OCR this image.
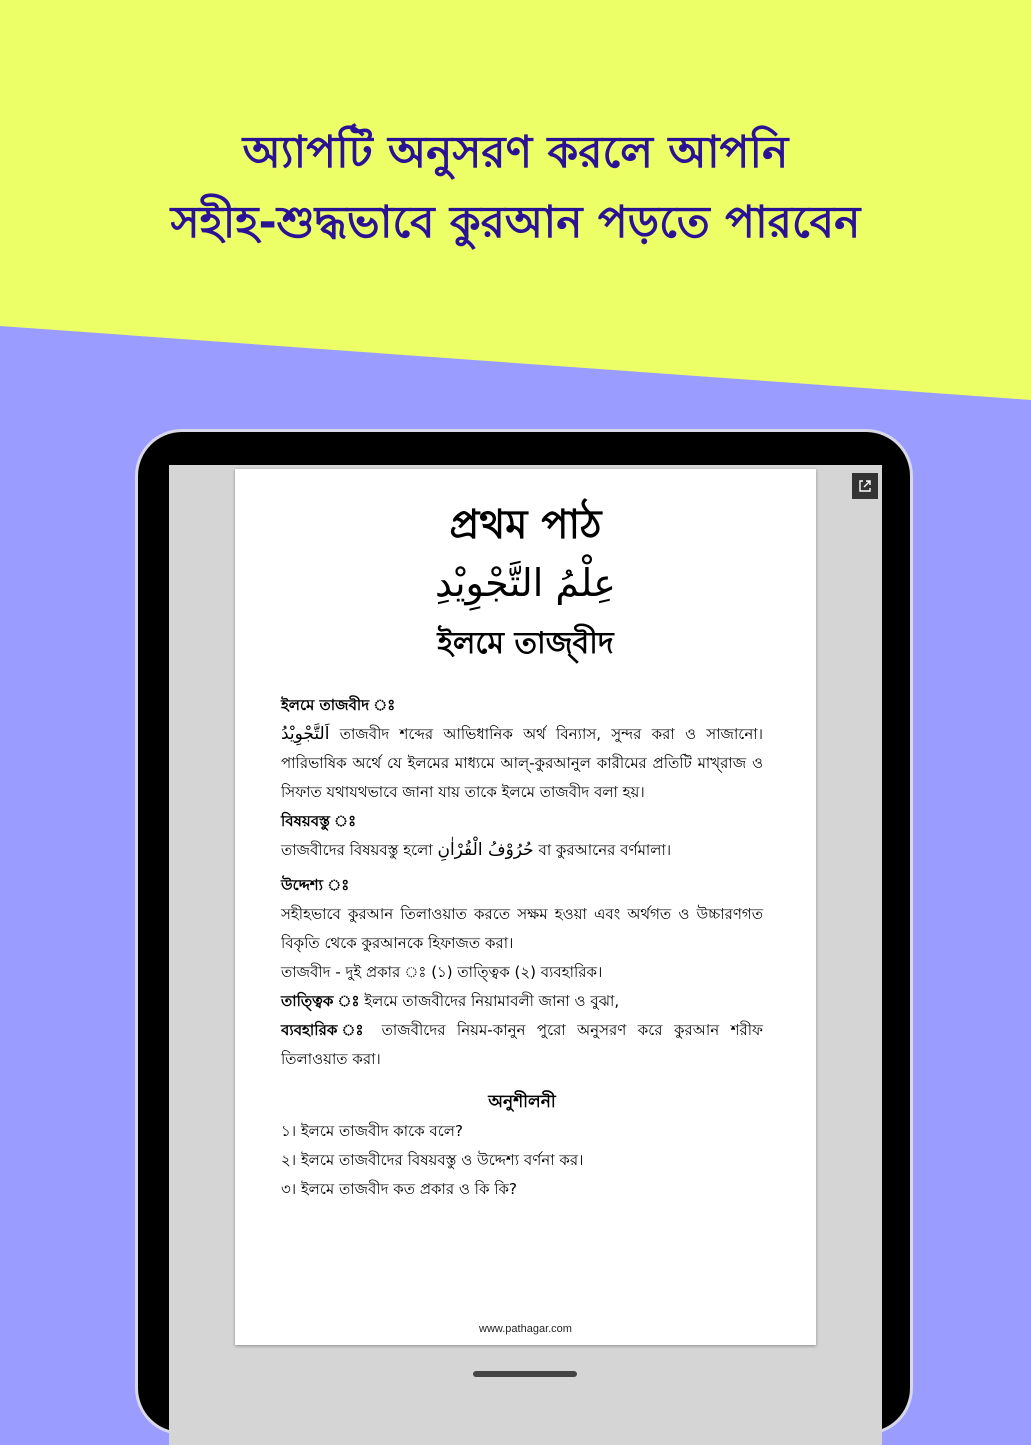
অ্যাপটি অনুসরণ করলে আপনি
সহীহ-শুদ্ধভাবে কুরআন পড়তে পারবেন
প্রথম পাঠ
عِلْمُ التَّجْوِيْدِ
ইলমে তাজ্‌বীদ

ইলমে তাজবীদ ঃ

اَلتَّجْوِيْدُ তাজবীদ শব্দের আভিধানিক অর্থ বিন্যাস, সুন্দর করা ও সাজানো। পারিভাষিক অর্থে যে ইলমের মাধ্যমে আল্‌-কুরআনুল কারীমের প্রতিটি মাখ্‌রাজ ও সিফাত যথাযথভাবে জানা যায় তাকে ইলমে তাজবীদ বলা হয়।

বিষয়বস্তু ঃ

তাজবীদের বিষয়বস্তু হলো حُرُوْفُ الْقُرْاٰنِ বা কুরআনের বর্ণমালা।

উদ্দেশ্য ঃ

সহীহভাবে কুরআন তিলাওয়াত করতে সক্ষম হওয়া এবং অর্থগত ও উচ্চারণগত বিকৃতি থেকে কুরআনকে হিফাজত করা।

তাজবীদ - দুই প্রকার ঃ (১) তাত্ত্বিক (২) ব্যবহারিক।

তাত্ত্বিক ঃ ইলমে তাজবীদের নিয়ামাবলী জানা ও বুঝা,

ব্যবহারিক ঃ তাজবীদের নিয়ম-কানুন পুরো অনুসরণ করে কুরআন শরীফ তিলাওয়াত করা।

অনুশীলনী

১। ইলমে তাজবীদ কাকে বলে?

২। ইলমে তাজবীদের বিষয়বস্তু ও উদ্দেশ্য বর্ণনা কর।

৩। ইলমে তাজবীদ কত প্রকার ও কি কি?

www.pathagar.com
